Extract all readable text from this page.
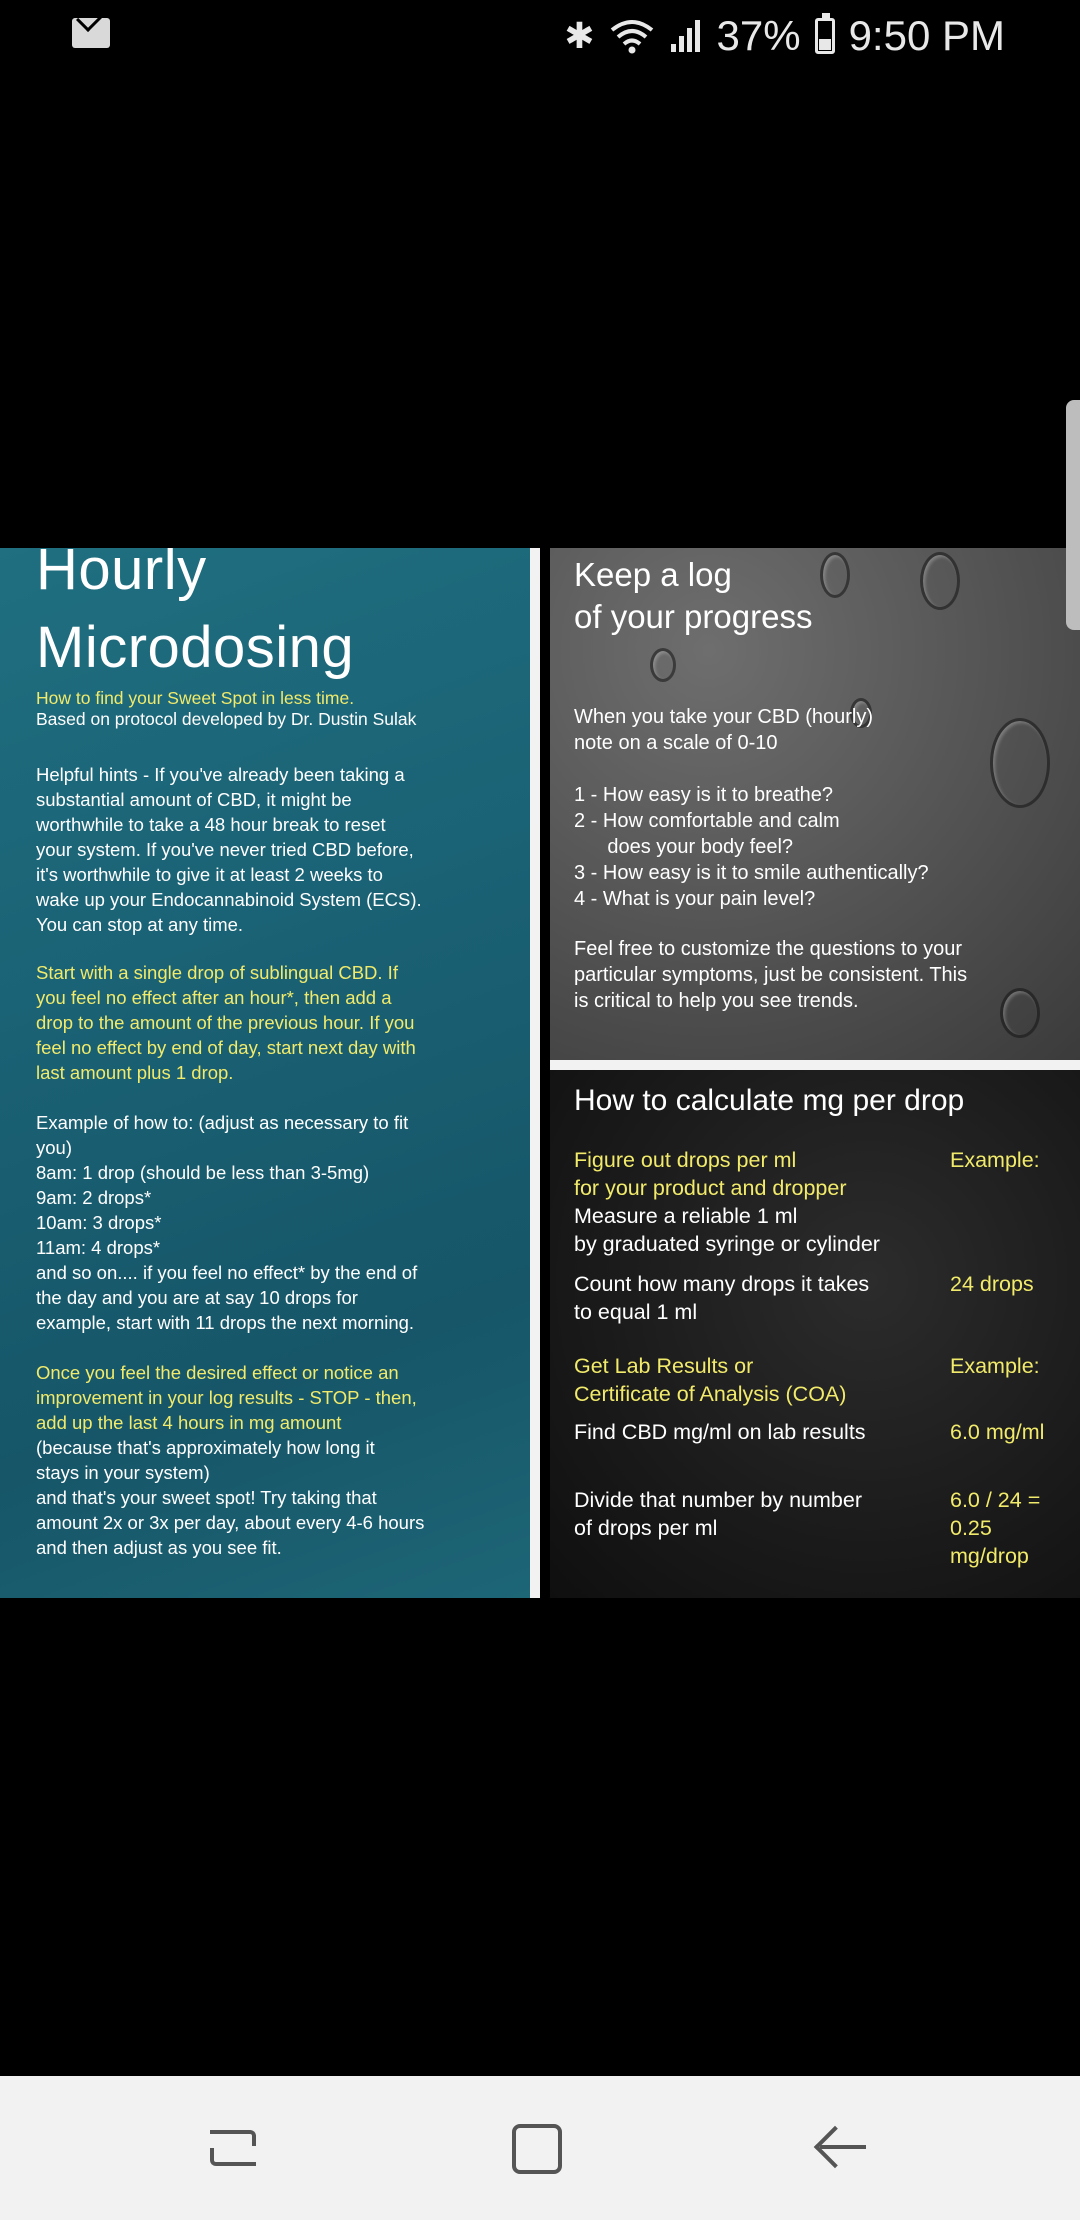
✱	37% 9:50 PM
Hourly
Microdosing
How to find your Sweet Spot in less time.
Based on protocol developed by Dr. Dustin Sulak
Helpful hints - If you've already been taking a
substantial amount of CBD, it might be
worthwhile to take a 48 hour break to reset
your system. If you've never tried CBD before,
it's worthwhile to give it at least 2 weeks to
wake up your Endocannabinoid System (ECS).
You can stop at any time.
Start with a single drop of sublingual CBD. If
you feel no effect after an hour*, then add a
drop to the amount of the previous hour. If you
feel no effect by end of day, start next day with
last amount plus 1 drop.
Example of how to: (adjust as necessary to fit
you)
8am: 1 drop (should be less than 3-5mg)
9am: 2 drops*
10am: 3 drops*
11am: 4 drops*
and so on.... if you feel no effect* by the end of
the day and you are at say 10 drops for
example, start with 11 drops the next morning.
Once you feel the desired effect or notice an
improvement in your log results - STOP - then,
add up the last 4 hours in mg amount
(because that's approximately how long it
stays in your system)
and that's your sweet spot! Try taking that
amount 2x or 3x per day, about every 4-6 hours
and then adjust as you see fit.
Keep a log
of your progress
When you take your CBD (hourly)
note on a scale of 0-10
1 - How easy is it to breathe?
2 - How comfortable and calm
does your body feel?
3 - How easy is it to smile authentically?
4 - What is your pain level?
Feel free to customize the questions to your
particular symptoms, just be consistent. This
is critical to help you see trends.
How to calculate mg per drop
Figure out drops per ml
for your product and dropper
Example:
Measure a reliable 1 ml
by graduated syringe or cylinder
Count how many drops it takes
to equal 1 ml
24 drops
Get Lab Results or
Certificate of Analysis (COA)
Example:
Find CBD mg/ml on lab results	6.0 mg/ml
Divide that number by number
of drops per ml
6.0 / 24 =
0.25
mg/drop
